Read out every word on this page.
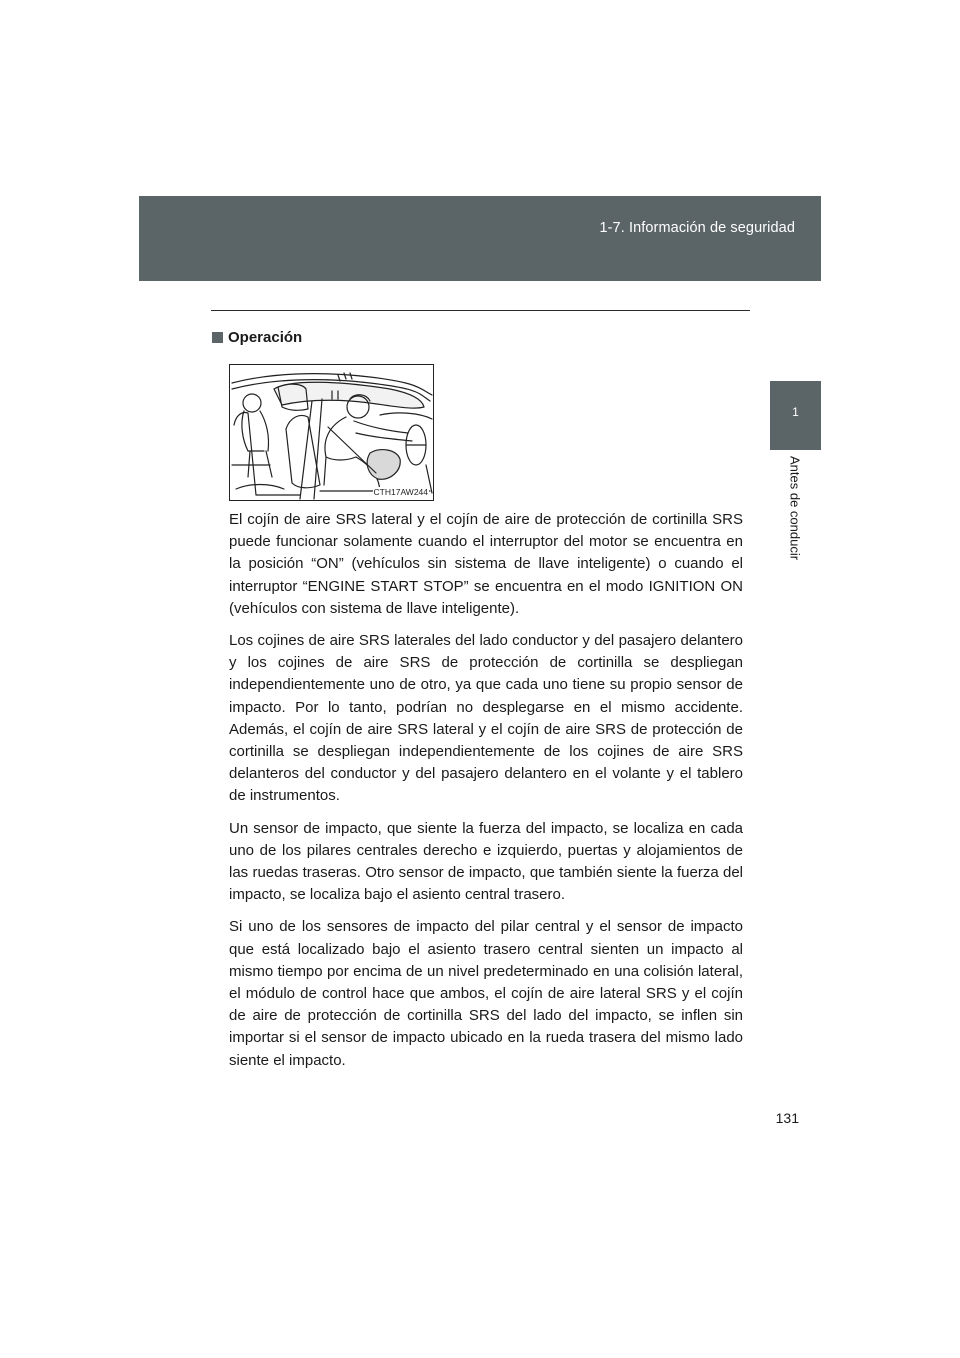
1-7. Información de seguridad
1
Antes de conducir
Operación
CTH17AW244

El cojín de aire SRS lateral y el cojín de aire de protección de cortinilla SRS puede funcionar solamente cuando el interruptor del motor se encuentra en la posición “ON” (vehículos sin sistema de llave inteligente) o cuando el interruptor “ENGINE START STOP” se encuentra en el modo IGNITION ON (vehículos con sistema de llave inteligente).

Los cojines de aire SRS laterales del lado conductor y del pasajero delantero y los cojines de aire SRS de protección de cortinilla se despliegan independientemente uno de otro, ya que cada uno tiene su propio sensor de impacto. Por lo tanto, podrían no desplegarse en el mismo accidente. Además, el cojín de aire SRS lateral y el cojín de aire SRS de protección de cortinilla se despliegan independientemente de los cojines de aire SRS delanteros del conductor y del pasajero delantero en el volante y el tablero de instrumentos.

Un sensor de impacto, que siente la fuerza del impacto, se localiza en cada uno de los pilares centrales derecho e izquierdo, puertas y alojamientos de las ruedas traseras. Otro sensor de impacto, que también siente la fuerza del impacto, se localiza bajo el asiento central trasero.

Si uno de los sensores de impacto del pilar central y el sensor de impacto que está localizado bajo el asiento trasero central sienten un impacto al mismo tiempo por encima de un nivel predeterminado en una colisión lateral, el módulo de control hace que ambos, el cojín de aire lateral SRS y el cojín de aire de protección de cortinilla SRS del lado del impacto, se inflen sin importar si el sensor de impacto ubicado en la rueda trasera del mismo lado siente el impacto.

131
